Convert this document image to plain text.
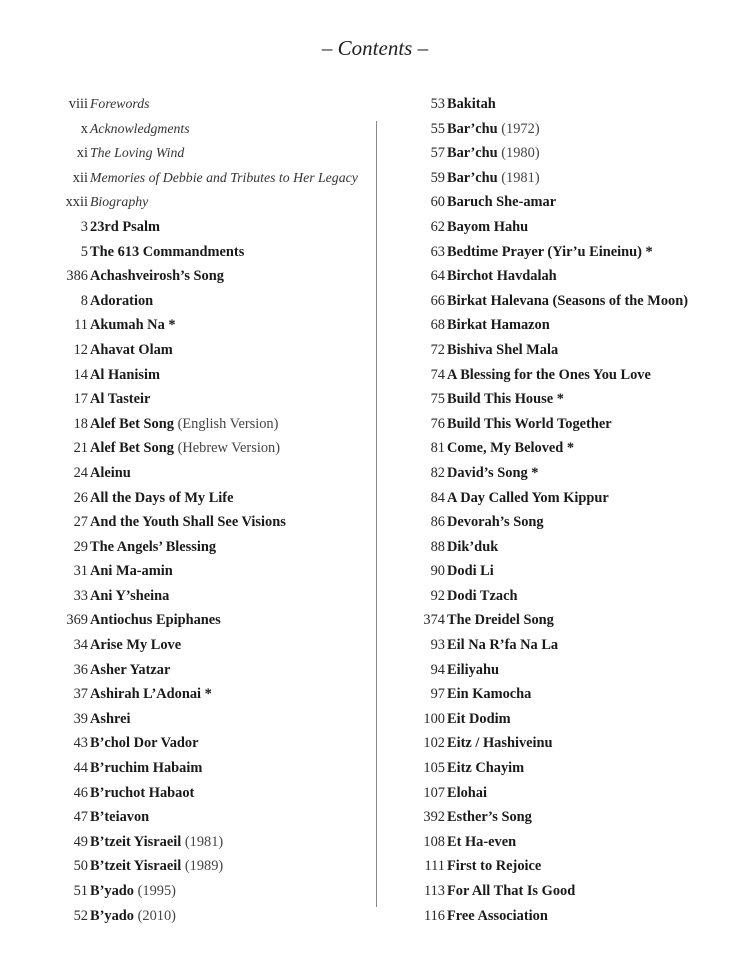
– Contents –
viii Forewords
x Acknowledgments
xi The Loving Wind
xii Memories of Debbie and Tributes to Her Legacy
xxii Biography
3 23rd Psalm
5 The 613 Commandments
386 Achashveirosh’s Song
8 Adoration
11 Akumah Na *
12 Ahavat Olam
14 Al Hanisim
17 Al Tasteir
18 Alef Bet Song (English Version)
21 Alef Bet Song (Hebrew Version)
24 Aleinu
26 All the Days of My Life
27 And the Youth Shall See Visions
29 The Angels’ Blessing
31 Ani Ma-amin
33 Ani Y’sheina
369 Antiochus Epiphanes
34 Arise My Love
36 Asher Yatzar
37 Ashirah L’Adonai *
39 Ashrei
43 B’chol Dor Vador
44 B’ruchim Habaim
46 B’ruchot Habaot
47 B’teiavon
49 B’tzeit Yisraeil (1981)
50 B’tzeit Yisraeil (1989)
51 B’yado (1995)
52 B’yado (2010)
53 Bakitah
55 Bar’chu (1972)
57 Bar’chu (1980)
59 Bar’chu (1981)
60 Baruch She-amar
62 Bayom Hahu
63 Bedtime Prayer (Yir’u Eineinu) *
64 Birchot Havdalah
66 Birkat Halevana (Seasons of the Moon)
68 Birkat Hamazon
72 Bishiva Shel Mala
74 A Blessing for the Ones You Love
75 Build This House *
76 Build This World Together
81 Come, My Beloved *
82 David’s Song *
84 A Day Called Yom Kippur
86 Devorah’s Song
88 Dik’duk
90 Dodi Li
92 Dodi Tzach
374 The Dreidel Song
93 Eil Na R’fa Na La
94 Eiliyahu
97 Ein Kamocha
100 Eit Dodim
102 Eitz / Hashiveinu
105 Eitz Chayim
107 Elohai
392 Esther’s Song
108 Et Ha-even
111 First to Rejoice
113 For All That Is Good
116 Free Association
